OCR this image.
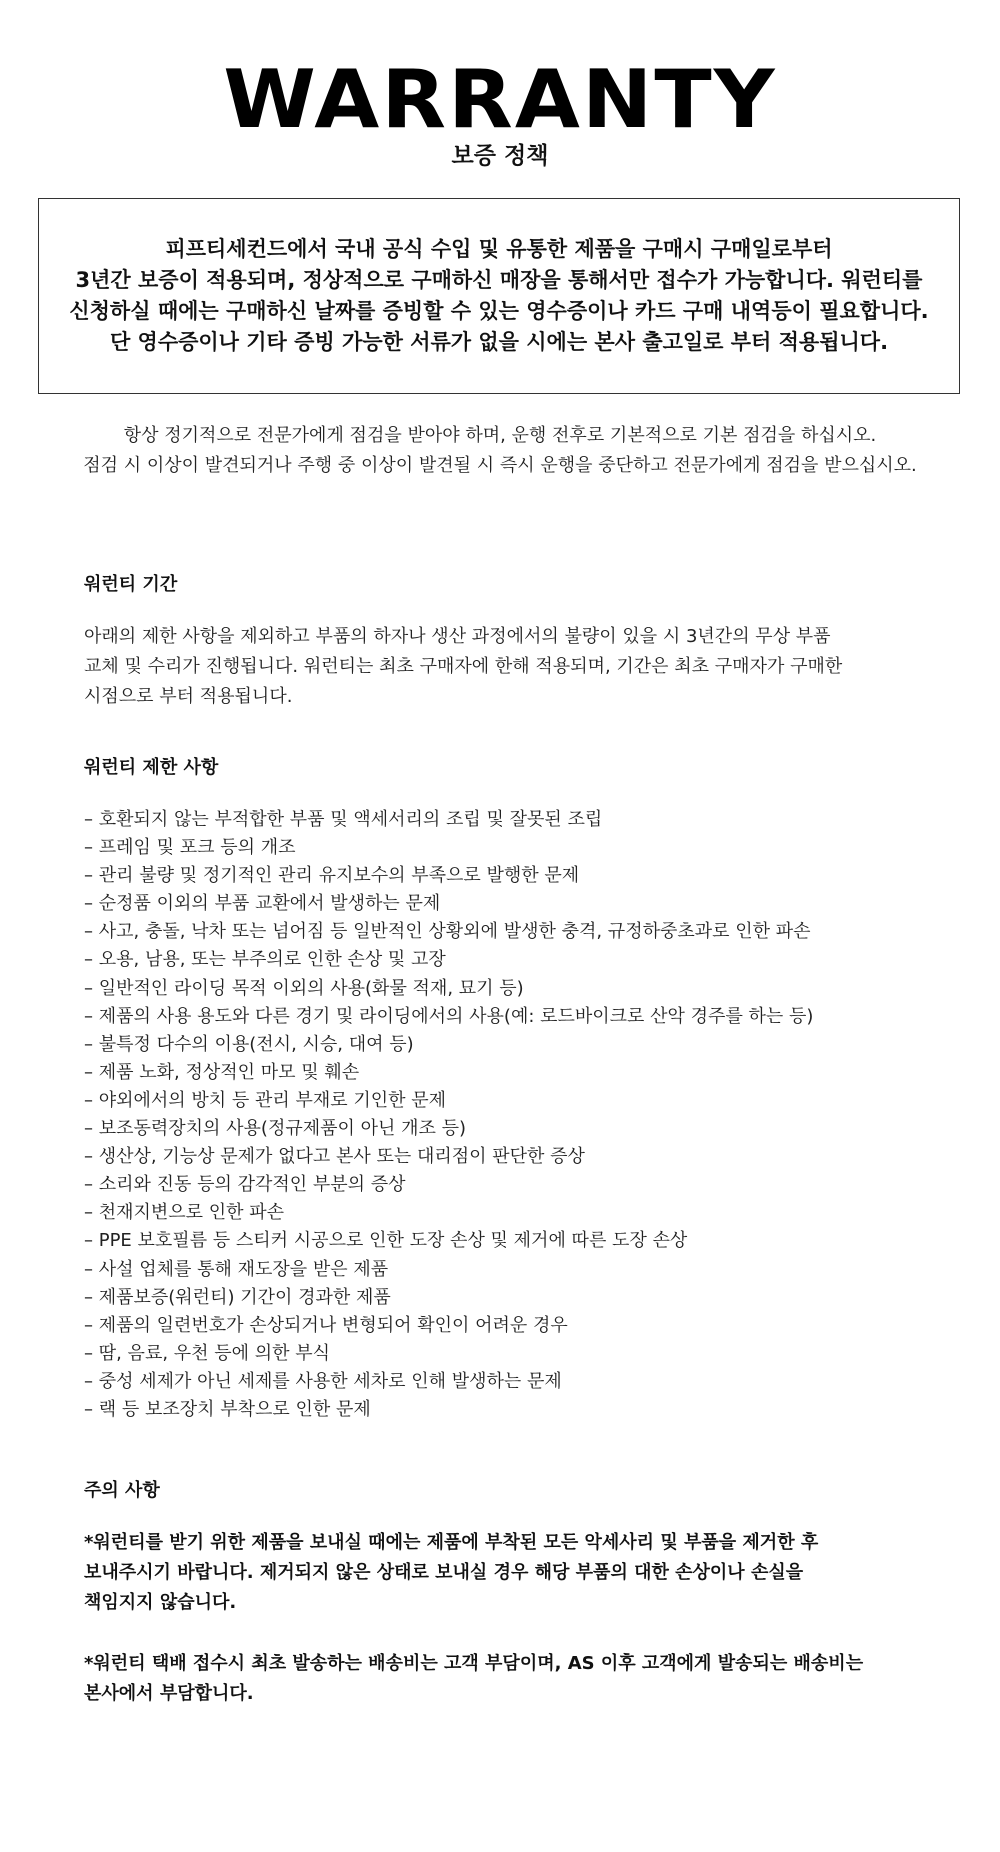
WARRANTY
보증 정책
피프티세컨드에서 국내 공식 수입 및 유통한 제품을 구매시 구매일로부터
3년간 보증이 적용되며, 정상적으로 구매하신 매장을 통해서만 접수가 가능합니다. 워런티를
신청하실 때에는 구매하신 날짜를 증빙할 수 있는 영수증이나 카드 구매 내역등이 필요합니다.
단 영수증이나 기타 증빙 가능한 서류가 없을 시에는 본사 출고일로 부터 적용됩니다.
항상 정기적으로 전문가에게 점검을 받아야 하며, 운행 전후로 기본적으로 기본 점검을 하십시오.
점검 시 이상이 발견되거나 주행 중 이상이 발견될 시 즉시 운행을 중단하고 전문가에게 점검을 받으십시오.
워런티 기간
아래의 제한 사항을 제외하고 부품의 하자나 생산 과정에서의 불량이 있을 시 3년간의 무상 부품
교체 및 수리가 진행됩니다. 워런티는 최초 구매자에 한해 적용되며, 기간은 최초 구매자가 구매한
시점으로 부터 적용됩니다.
워런티 제한 사항
– 호환되지 않는 부적합한 부품 및 액세서리의 조립 및 잘못된 조립
– 프레임 및 포크 등의 개조
– 관리 불량 및 정기적인 관리 유지보수의 부족으로 발행한 문제
– 순정품 이외의 부품 교환에서 발생하는 문제
– 사고, 충돌, 낙차 또는 넘어짐 등 일반적인 상황외에 발생한 충격, 규정하중초과로 인한 파손
– 오용, 남용, 또는 부주의로 인한 손상 및 고장
– 일반적인 라이딩 목적 이외의 사용(화물 적재, 묘기 등)
– 제품의 사용 용도와 다른 경기 및 라이딩에서의 사용(예: 로드바이크로 산악 경주를 하는 등)
– 불특정 다수의 이용(전시, 시승, 대여 등)
– 제품 노화, 정상적인 마모 및 훼손
– 야외에서의 방치 등 관리 부재로 기인한 문제
– 보조동력장치의 사용(정규제품이 아닌 개조 등)
– 생산상, 기능상 문제가 없다고 본사 또는 대리점이 판단한 증상
– 소리와 진동 등의 감각적인 부분의 증상
– 천재지변으로 인한 파손
– PPE 보호필름 등 스티커 시공으로 인한 도장 손상 및 제거에 따른 도장 손상
– 사설 업체를 통해 재도장을 받은 제품
– 제품보증(워런티) 기간이 경과한 제품
– 제품의 일련번호가 손상되거나 변형되어 확인이 어려운 경우
– 땀, 음료, 우천 등에 의한 부식
– 중성 세제가 아닌 세제를 사용한 세차로 인해 발생하는 문제
– 랙 등 보조장치 부착으로 인한 문제
주의 사항
*워런티를 받기 위한 제품을 보내실 때에는 제품에 부착된 모든 악세사리 및 부품을 제거한 후
보내주시기 바랍니다. 제거되지 않은 상태로 보내실 경우 해당 부품의 대한 손상이나 손실을
책임지지 않습니다.
*워런티 택배 접수시 최초 발송하는 배송비는 고객 부담이며, AS 이후 고객에게 발송되는 배송비는
본사에서 부담합니다.
